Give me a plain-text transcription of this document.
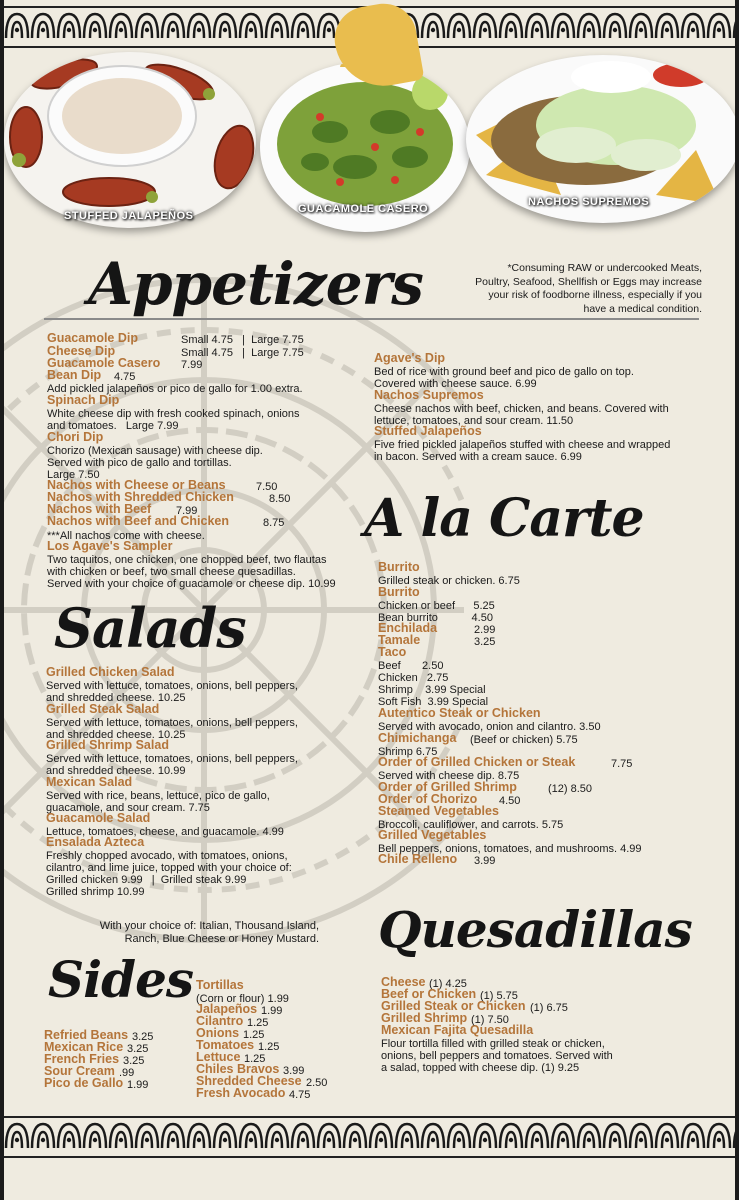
STUFFED JALAPEÑOS
GUACAMOLE CASERO
NACHOS SUPREMOS
Appetizers	*Consuming RAW or undercooked Meats, Poultry, Seafood, Shellfish or Eggs may increase your risk of foodborne illness, especially if you have a medical condition.
Guacamole Dip	Small 4.75   |  Large 7.75
Cheese Dip	Small 4.75   |  Large 7.75
Guacamole Casero 7.99
Bean Dip 4.75
Add pickled jalapeños or pico de gallo for 1.00 extra.
Spinach Dip
White cheese dip with fresh cooked spinach, onions
and tomatoes.   Large 7.99
Chori Dip
Chorizo (Mexican sausage) with cheese dip.
Served with pico de gallo and tortillas.
Large 7.50
Nachos with Cheese or Beans	7.50
Nachos with Shredded Chicken	8.50
Nachos with Beef 7.99
Nachos with Beef and Chicken	8.75
***All nachos come with cheese.
Los Agave's Sampler
Two taquitos, one chicken, one chopped beef, two flautas
with chicken or beef, two small cheese quesadillas.
Served with your choice of guacamole or cheese dip. 10.99
Agave's Dip
Bed of rice with ground beef and pico de gallo on top.
Covered with cheese sauce. 6.99
Nachos Supremos
Cheese nachos with beef, chicken, and beans. Covered with
lettuce, tomatoes, and sour cream. 11.50
Stuffed Jalapeños
Five fried pickled jalapeños stuffed with cheese and wrapped
in bacon. Served with a cream sauce. 6.99
A la Carte
Burrito
Grilled steak or chicken. 6.75
Burrito
Chicken or beef      5.25
Bean burrito           4.50
Enchilada	2.99
Tamale	3.25
Taco
Beef       2.50
Chicken   2.75
Shrimp    3.99 Special
Soft Fish  3.99 Special
Autentico Steak or Chicken
Served with avocado, onion and cilantro. 3.50
Chimichanga (Beef or chicken) 5.75
Shrimp 6.75
Order of Grilled Chicken or Steak	7.75
Served with cheese dip. 8.75
Order of Grilled Shrimp	(12) 8.50
Order of Chorizo 4.50
Steamed Vegetables
Broccoli, cauliflower, and carrots. 5.75
Grilled Vegetables
Bell peppers, onions, tomatoes, and mushrooms. 4.99
Chile Relleno 3.99
Salads
Grilled Chicken Salad
Served with lettuce, tomatoes, onions, bell peppers,
and shredded cheese. 10.25
Grilled Steak Salad
Served with lettuce, tomatoes, onions, bell peppers,
and shredded cheese. 10.25
Grilled Shrimp Salad
Served with lettuce, tomatoes, onions, bell peppers,
and shredded cheese. 10.99
Mexican Salad
Served with rice, beans, lettuce, pico de gallo,
guacamole, and sour cream. 7.75
Guacamole Salad
Lettuce, tomatoes, cheese, and guacamole. 4.99
Ensalada Azteca
Freshly chopped avocado, with tomatoes, onions,
cilantro, and lime juice, topped with your choice of:
Grilled chicken 9.99   |  Grilled steak 9.99
Grilled shrimp 10.99
With your choice of: Italian, Thousand Island, Ranch, Blue Cheese or Honey Mustard.
Sides Tortillas
(Corn or flour) 1.99
Quesadillas
Mexican Fajita Quesadilla
Flour tortilla filled with grilled steak or chicken,
onions, bell peppers and tomatoes. Served with
a salad, topped with cheese dip. (1) 9.25
Refried Beans 3.25
Mexican Rice 3.25
French Fries 3.25
Sour Cream .99
Pico de Gallo 1.99
Jalapeños 1.99
Cilantro 1.25
Onions 1.25
Tomatoes 1.25
Lettuce 1.25
Chiles Bravos 3.99
Shredded Cheese 2.50
Fresh Avocado 4.75
Cheese (1) 4.25
Beef or Chicken (1) 5.75
Grilled Steak or Chicken (1) 6.75
Grilled Shrimp (1) 7.50
